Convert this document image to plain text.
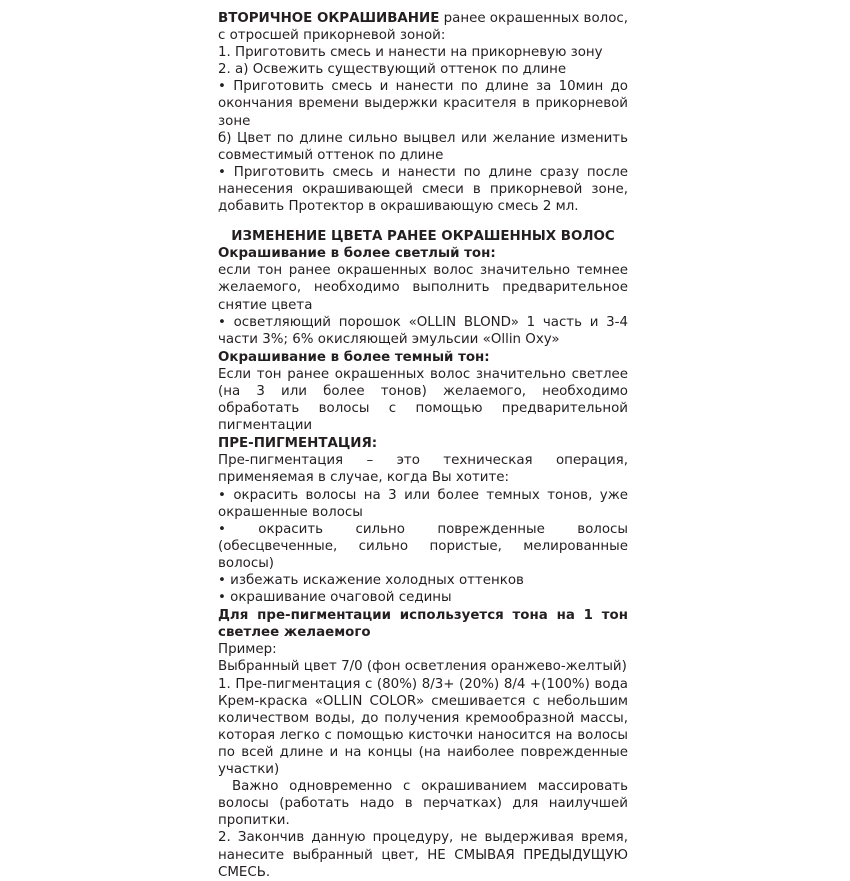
ВТОРИЧНОЕ ОКРАШИВАНИЕ ранее окрашенных волос,

с отросшей прикорневой зоной:

1. Приготовить смесь и нанести на прикорневую зону

2. а) Освежить существующий оттенок по длине

• Приготовить смесь и нанести по длине за 10мин до окончания времени выдержки красителя в прикорневой зоне

б) Цвет по длине сильно выцвел или желание изменить совместимый оттенок по длине

• Приготовить смесь и нанести по длине сразу после нанесения окрашивающей смеси в прикорневой зоне, добавить Протектор в окрашивающую смесь 2 мл.

ИЗМЕНЕНИЕ ЦВЕТА РАНЕЕ ОКРАШЕННЫХ ВОЛОС

Окрашивание в более светлый тон:

если тон ранее окрашенных волос значительно темнее желаемого, необходимо выполнить предварительное снятие цвета

• осветляющий порошок «OLLIN BLOND» 1 часть и 3-4 части 3%; 6% окисляющей эмульсии «Ollin Oxy»

Окрашивание в более темный тон:

Если тон ранее окрашенных волос значительно светлее (на 3 или более тонов) желаемого, необходимо обработать волосы с помощью предварительной пигментации

ПРЕ-ПИГМЕНТАЦИЯ:

Пре-пигментация – это техническая операция, применяемая в случае, когда Вы хотите:

• окрасить волосы на 3 или более темных тонов, уже окрашенные волосы

• окрасить сильно поврежденные волосы (обесцвеченные, сильно пористые, мелированные волосы)

• избежать искажение холодных оттенков

• окрашивание очаговой седины

Для пре-пигментации используется тона на 1 тон светлее желаемого

Пример:

Выбранный цвет 7/0 (фон осветления оранжево-желтый)

1. Пре-пигментация с (80%) 8/3+ (20%) 8/4 +(100%) вода Крем-краска «OLLIN COLOR» смешивается с небольшим количеством воды, до получения кремообразной массы, которая легко с помощью кисточки наносится на волосы по всей длине и на концы (на наиболее поврежденные участки)

Важно одновременно с окрашиванием массировать волосы (работать надо в перчатках) для наилучшей пропитки.

2. Закончив данную процедуру, не выдерживая время, нанесите выбранный цвет, НЕ СМЫВАЯ ПРЕДЫДУЩУЮ СМЕСЬ.
